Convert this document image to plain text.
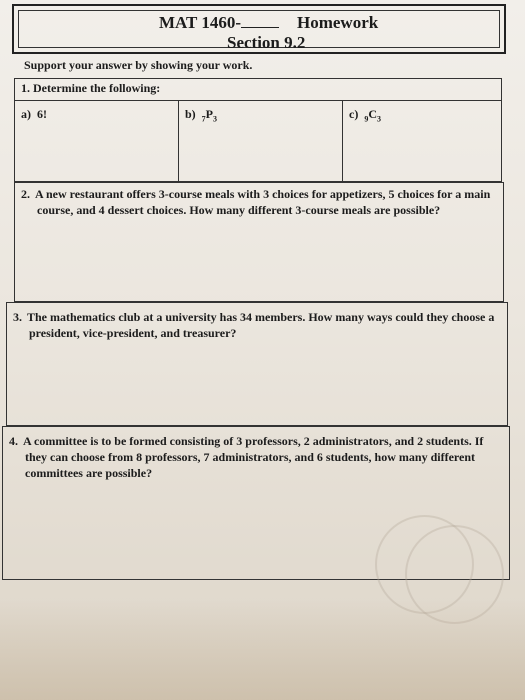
MAT 1460-	Homework
Section 9.2
Support your answer by showing your work.
1. Determine the following:
a) 6!	b) $_7P_3$	c) $_9C_3$
2. A new restaurant offers 3-course meals with 3 choices for appetizers, 5 choices for a main
course, and 4 dessert choices. How many different 3-course meals are possible?
3. The mathematics club at a university has 34 members. How many ways could they choose a
president, vice-president, and treasurer?
4. A committee is to be formed consisting of 3 professors, 2 administrators, and 2 students. If
they can choose from 8 professors, 7 administrators, and 6 students, how many different
committees are possible?
